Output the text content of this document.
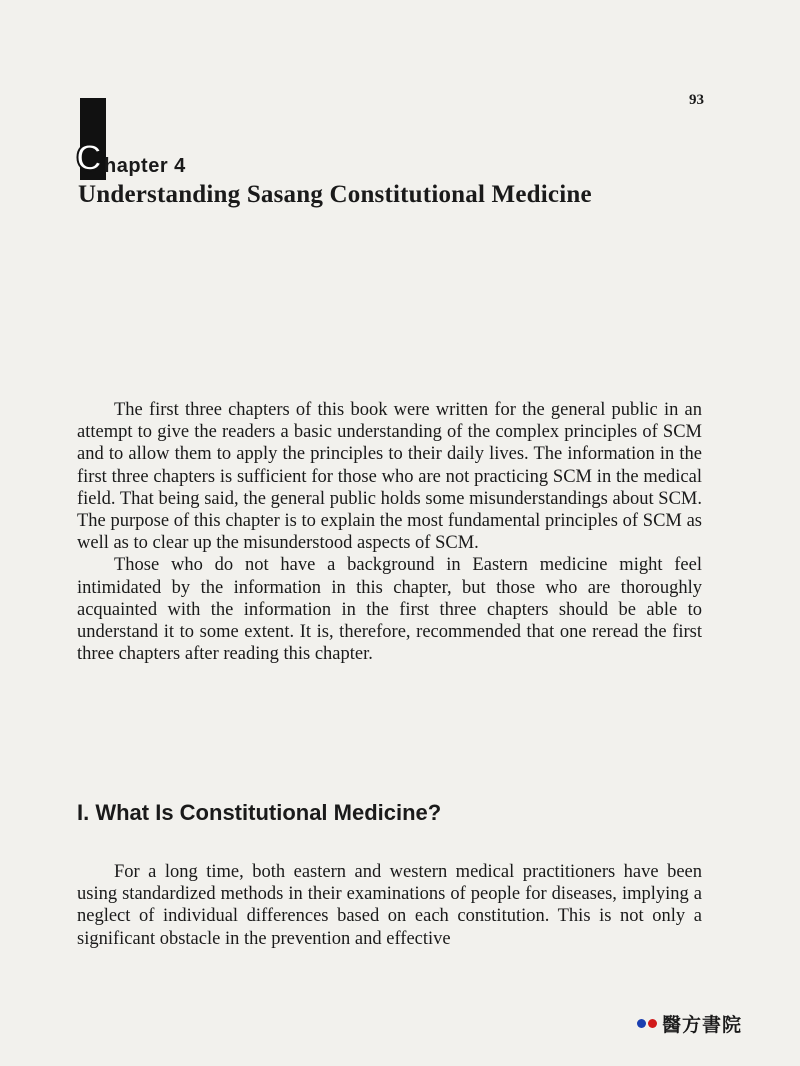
93
C hapter 4
Understanding Sasang Constitutional Medicine

The first three chapters of this book were written for the general public in an attempt to give the readers a basic understanding of the complex principles of SCM and to allow them to apply the principles to their daily lives. The information in the first three chapters is sufficient for those who are not practicing SCM in the medical field. That being said, the general public holds some misunderstandings about SCM. The purpose of this chapter is to explain the most fundamental principles of SCM as well as to clear up the misunderstood aspects of SCM.

Those who do not have a background in Eastern medicine might feel intimidated by the information in this chapter, but those who are thoroughly acquainted with the information in the first three chapters should be able to understand it to some extent. It is, therefore, recommended that one reread the first three chapters after reading this chapter.

I. What Is Constitutional Medicine?

For a long time, both eastern and western medical practitioners have been using standardized methods in their examinations of people for diseases, implying a neglect of individual differences based on each constitution. This is not only a significant obstacle in the prevention and effective

醫方書院
